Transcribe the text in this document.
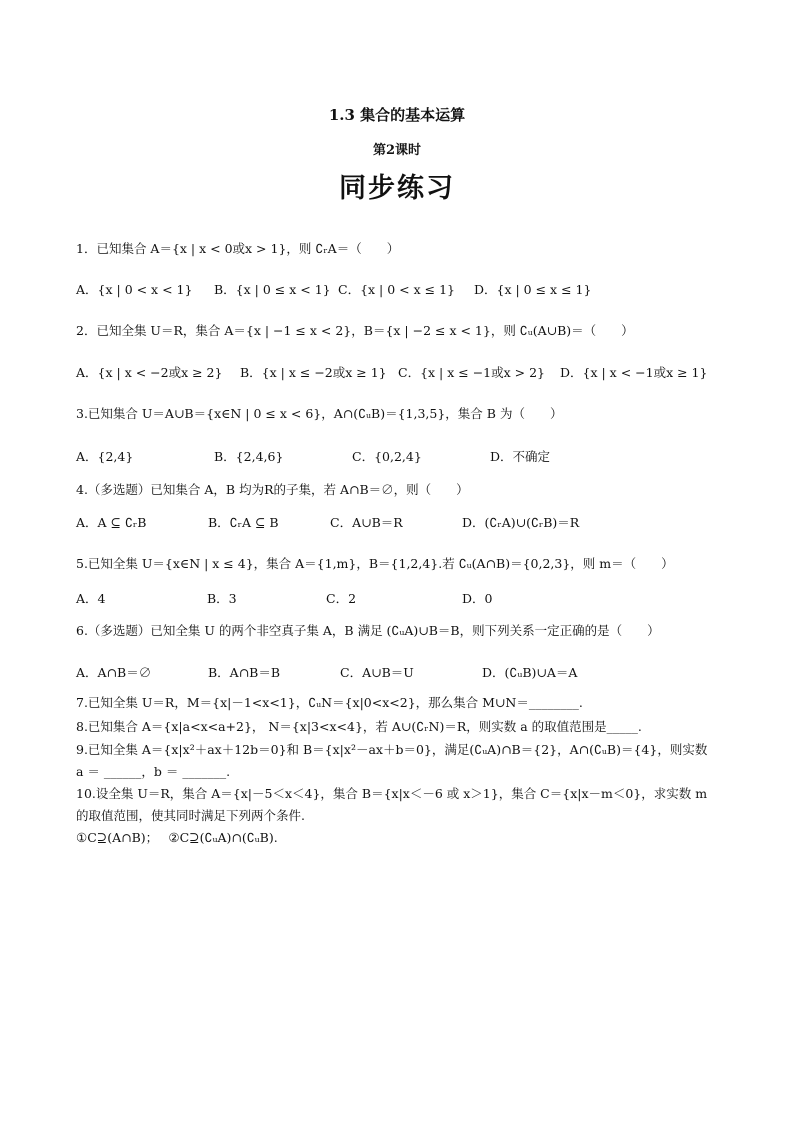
1.3 集合的基本运算
第2课时
同步练习
1．已知集合 A＝{x | x < 0或x > 1}，则 ∁ᵣA＝（　　）
A．{x | 0 < x < 1} B．{x | 0 ≤ x < 1} C．{x | 0 < x ≤ 1} D．{x | 0 ≤ x ≤ 1}
2．已知全集 U＝R，集合 A＝{x | −1 ≤ x < 2}，B＝{x | −2 ≤ x < 1}，则 ∁ᵤ(A∪B)＝（　　）
A．{x | x < −2或x ≥ 2} B．{x | x ≤ −2或x ≥ 1} C．{x | x ≤ −1或x > 2} D．{x | x < −1或x ≥ 1}
3.已知集合 U＝A∪B＝{x∈N | 0 ≤ x < 6}，A∩(∁ᵤB)＝{1,3,5}，集合 B 为（　　）
A．{2,4}	B．{2,4,6}	C．{0,2,4}	D．不确定
4.（多选题）已知集合 A，B 均为R的子集，若 A∩B＝∅，则（　　）
A．A ⊆ ∁ᵣB	B．∁ᵣA ⊆ B	C．A∪B＝R	D．(∁ᵣA)∪(∁ᵣB)＝R
5.已知全集 U＝{x∈N | x ≤ 4}，集合 A＝{1,m}，B＝{1,2,4}.若 ∁ᵤ(A∩B)＝{0,2,3}，则 m＝（　　）
A．4	B．3	C．2	D．0
6.（多选题）已知全集 U 的两个非空真子集 A，B 满足 (∁ᵤA)∪B＝B，则下列关系一定正确的是（　　）
A．A∩B＝∅	B．A∩B＝B	C．A∪B＝U	D．(∁ᵤB)∪A＝A
7.已知全集 U＝R，M＝{x|－1<x<1}，∁ᵤN＝{x|0<x<2}，那么集合 M∪N＝________.
8.已知集合 A＝{x|a<x<a+2}， N＝{x|3<x<4}，若 A∪(∁ᵣN)＝R，则实数 a 的取值范围是_____.
9.已知全集 A＝{x|x²＋ax＋12b＝0}和 B＝{x|x²－ax＋b＝0}，满足(∁ᵤA)∩B＝{2}，A∩(∁ᵤB)＝{4}，则实数
a ＝ ______，b ＝ _______.
10.设全集 U＝R，集合 A＝{x|－5＜x＜4}，集合 B＝{x|x＜－6 或 x＞1}，集合 C＝{x|x－m＜0}，求实数 m
的取值范围，使其同时满足下列两个条件.
①C⊇(A∩B)；　 ②C⊇(∁ᵤA)∩(∁ᵤB).
